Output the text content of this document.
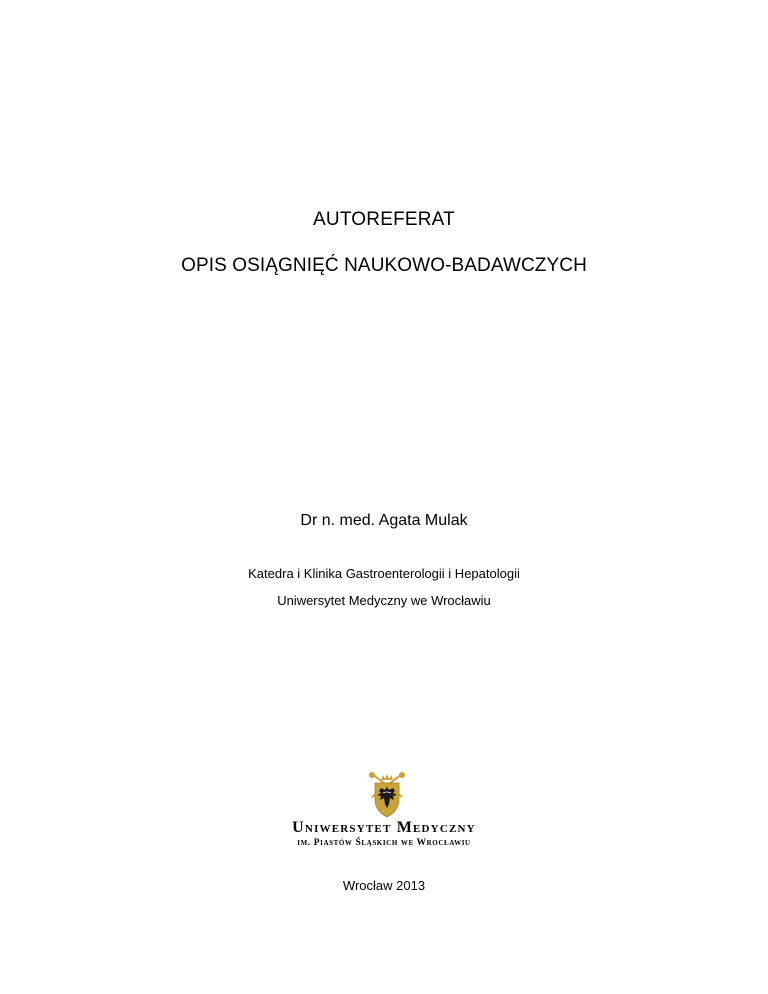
AUTOREFERAT
OPIS OSIĄGNIĘĆ NAUKOWO-BADAWCZYCH
Dr n. med. Agata Mulak
Katedra i Klinika Gastroenterologii i Hepatologii
Uniwersytet Medyczny we Wrocławiu
Uniwersytet Medyczny
im. Piastów Śląskich we Wrocławiu
Wrocław 2013
